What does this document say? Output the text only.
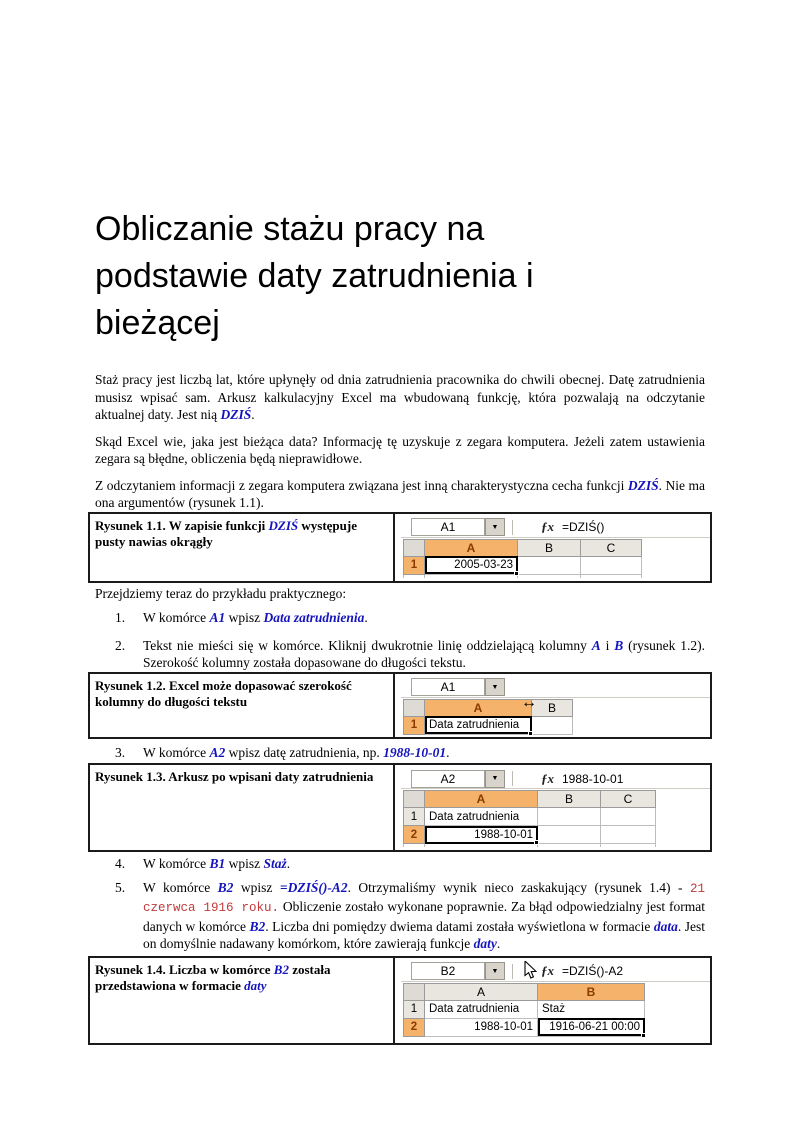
Obliczanie stażu pracy na
podstawie daty zatrudnienia i
bieżącej

Staż pracy jest liczbą lat, które upłynęły od dnia zatrudnienia pracownika do chwili obecnej. Datę zatrudnienia musisz wpisać sam. Arkusz kalkulacyjny Excel ma wbudowaną funkcję, która pozwalają na odczytanie aktualnej daty. Jest nią DZIŚ.

Skąd Excel wie, jaka jest bieżąca data? Informację tę uzyskuje z zegara komputera. Jeżeli zatem ustawienia zegara są błędne, obliczenia będą nieprawidłowe.

Z odczytaniem informacji z zegara komputera związana jest inną charakterystyczna cecha funkcji DZIŚ. Nie ma ona argumentów (rysunek 1.1).

Rysunek 1.1. W zapisie funkcji DZIŚ występuje pusty nawias okrągły
A1	▼	ƒx =DZIŚ()
	A	B	C
1	2005-03-23

Przejdziemy teraz do przykładu praktycznego:

1.	W komórce A1 wpisz Data zatrudnienia.
2.	Tekst nie mieści się w komórce. Kliknij dwukrotnie linię oddzielającą kolumny A i B (rysunek 1.2). Szerokość kolumny została dopasowane do długości tekstu.
Rysunek 1.2. Excel może dopasować szerokość kolumny do długości tekstu
A1	▼
	A	B
1	Data zatrudnienia

↔
3.	W komórce A2 wpisz datę zatrudnienia, np. 1988-10-01.
Rysunek 1.3. Arkusz po wpisani daty zatrudnienia	A2	▼	ƒx 1988-10-01
	A	B	C
1	Data zatrudnienia		
2	1988-10-01

4.	W komórce B1 wpisz Staż.
5.	W komórce B2 wpisz =DZIŚ()-A2. Otrzymaliśmy wynik nieco zaskakujący (rysunek 1.4) - 21 czerwca 1916 roku. Obliczenie zostało wykonane poprawnie. Za błąd odpowiedzialny jest format danych w komórce B2. Liczba dni pomiędzy dwiema datami została wyświetlona w formacie data. Jest on domyślnie nadawany komórkom, które zawierają funkcje daty.
Rysunek 1.4. Liczba w komórce B2 została przedstawiona w formacie daty
B2	▼	ƒx =DZIŚ()-A2
	A	B
1	Data zatrudnienia	Staż
2	1988-10-01	1916-06-21 00:00
